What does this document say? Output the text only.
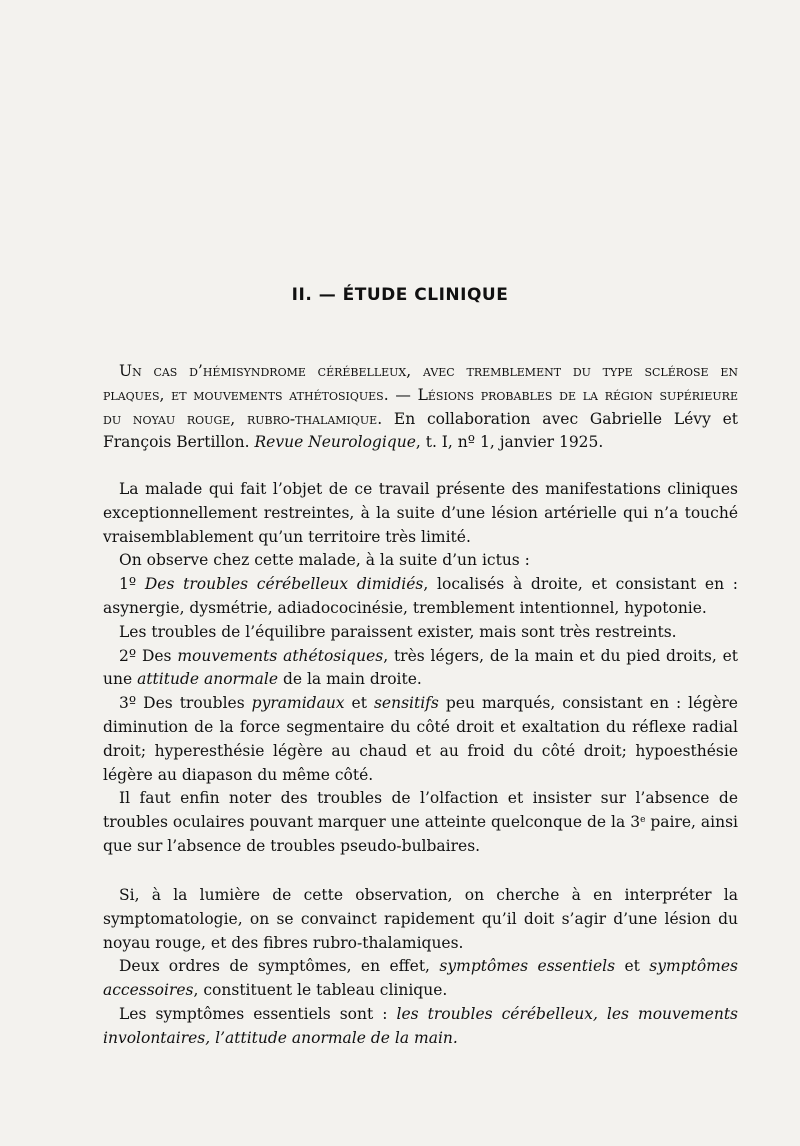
II. — ÉTUDE CLINIQUE

Un cas d’hémisyndrome cérébelleux, avec tremblement du type sclérose en plaques, et mouvements athétosiques. — Lésions probables de la région supérieure du noyau rouge, rubro-thalamique. En collaboration avec Gabrielle Lévy et François Bertillon. Revue Neurologique, t. I, nº 1, janvier 1925.

La malade qui fait l’objet de ce travail présente des manifestations cliniques exceptionnellement restreintes, à la suite d’une lésion artérielle qui n’a touché vraisemblablement qu’un territoire très limité.

On observe chez cette malade, à la suite d’un ictus :

1º Des troubles cérébelleux dimidiés, localisés à droite, et consistant en : asynergie, dysmétrie, adiadococinésie, tremblement intentionnel, hypotonie.

Les troubles de l’équilibre paraissent exister, mais sont très restreints.

2º Des mouvements athétosiques, très légers, de la main et du pied droits, et une attitude anormale de la main droite.

3º Des troubles pyramidaux et sensitifs peu marqués, consistant en : légère diminution de la force segmentaire du côté droit et exaltation du réflexe radial droit; hyperesthésie légère au chaud et au froid du côté droit; hypoesthésie légère au diapason du même côté.

Il faut enfin noter des troubles de l’olfaction et insister sur l’absence de troubles oculaires pouvant marquer une atteinte quelconque de la 3e paire, ainsi que sur l’absence de troubles pseudo-bulbaires.

Si, à la lumière de cette observation, on cherche à en interpréter la symptomatologie, on se convainct rapidement qu’il doit s’agir d’une lésion du noyau rouge, et des fibres rubro-thalamiques.

Deux ordres de symptômes, en effet, symptômes essentiels et symptômes accessoires, constituent le tableau clinique.

Les symptômes essentiels sont : les troubles cérébelleux, les mouvements involontaires, l’attitude anormale de la main.
